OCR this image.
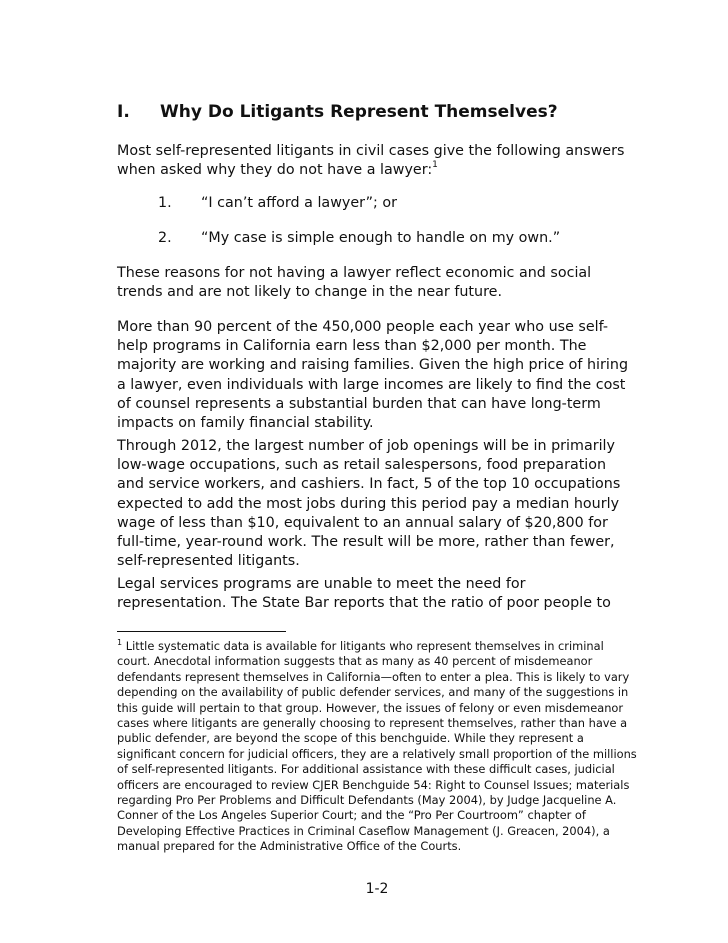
I. Why Do Litigants Represent Themselves?

Most self-represented litigants in civil cases give the following answers when asked why they do not have a lawyer:$^1$

1. “I can’t afford a lawyer”; or
2. “My case is simple enough to handle on my own.”

These reasons for not having a lawyer reflect economic and social trends and are not likely to change in the near future.

More than 90 percent of the 450,000 people each year who use self-help programs in California earn less than $2,000 per month. The majority are working and raising families. Given the high price of hiring a lawyer, even individuals with large incomes are likely to find the cost of counsel represents a substantial burden that can have long-term impacts on family financial stability.

Through 2012, the largest number of job openings will be in primarily low-wage occupations, such as retail salespersons, food preparation and service workers, and cashiers. In fact, 5 of the top 10 occupations expected to add the most jobs during this period pay a median hourly wage of less than $10, equivalent to an annual salary of $20,800 for full-time, year-round work. The result will be more, rather than fewer, self-represented litigants.

Legal services programs are unable to meet the need for representation. The State Bar reports that the ratio of poor people to

$^1$ Little systematic data is available for litigants who represent themselves in criminal court. Anecdotal information suggests that as many as 40 percent of misdemeanor defendants represent themselves in California—often to enter a plea. This is likely to vary depending on the availability of public defender services, and many of the suggestions in this guide will pertain to that group. However, the issues of felony or even misdemeanor cases where litigants are generally choosing to represent themselves, rather than have a public defender, are beyond the scope of this benchguide. While they represent a significant concern for judicial officers, they are a relatively small proportion of the millions of self-represented litigants. For additional assistance with these difficult cases, judicial officers are encouraged to review CJER Benchguide 54: Right to Counsel Issues; materials regarding Pro Per Problems and Difficult Defendants (May 2004), by Judge Jacqueline A. Conner of the Los Angeles Superior Court; and the “Pro Per Courtroom” chapter of Developing Effective Practices in Criminal Caseflow Management (J. Greacen, 2004), a manual prepared for the Administrative Office of the Courts.

1-2
